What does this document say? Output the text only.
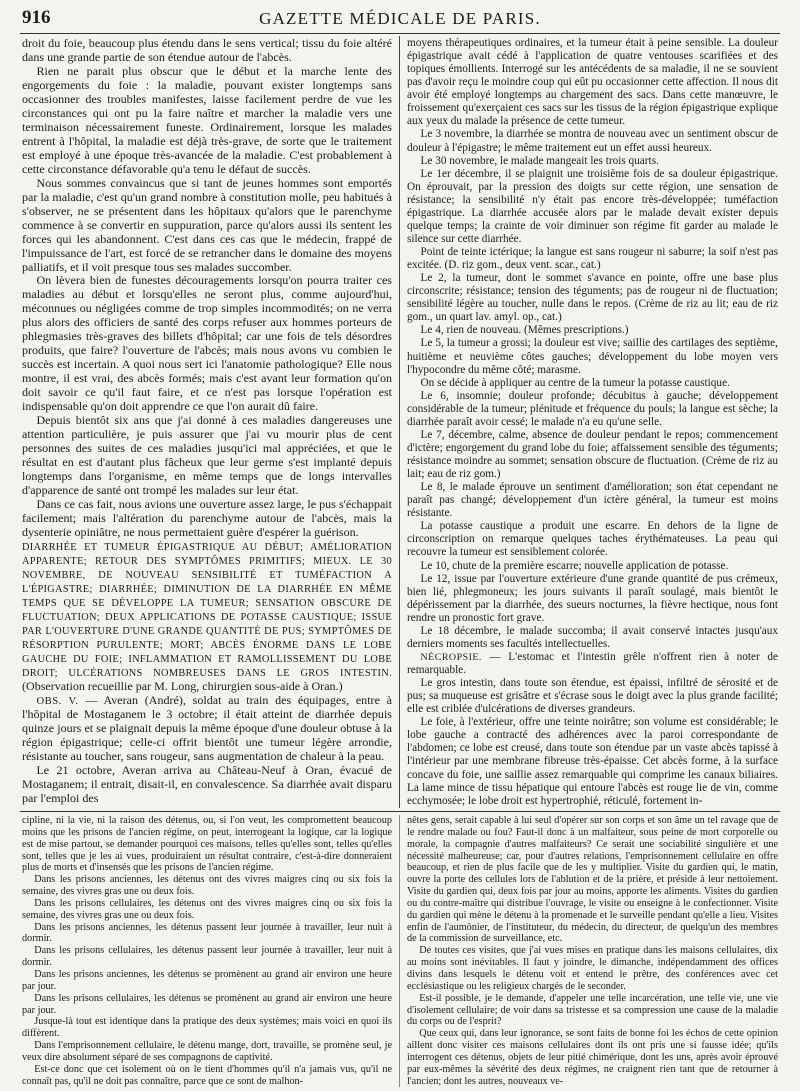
916	GAZETTE MÉDICALE DE PARIS.

droit du foie, beaucoup plus étendu dans le sens vertical; tissu du foie altéré dans une grande partie de son étendue autour de l'abcès.

Rien ne parait plus obscur que le début et la marche lente des engorgements du foie : la maladie, pouvant exister longtemps sans occasionner des troubles manifestes, laisse facilement perdre de vue les circonstances qui ont pu la faire naître et marcher la maladie vers une terminaison nécessairement funeste. Ordinairement, lorsque les malades entrent à l'hôpital, la maladie est déjà très-grave, de sorte que le traitement est employé à une époque très-avancée de la maladie. C'est probablement à cette circonstance défavorable qu'a tenu le défaut de succès.

Nous sommes convaincus que si tant de jeunes hommes sont emportés par la maladie, c'est qu'un grand nombre à constitution molle, peu habitués à s'observer, ne se présentent dans les hôpitaux qu'alors que le parenchyme commence à se convertir en suppuration, parce qu'alors aussi ils sentent les forces qui les abandonnent. C'est dans ces cas que le médecin, frappé de l'impuissance de l'art, est forcé de se retrancher dans le domaine des moyens palliatifs, et il voit presque tous ses malades succomber.

On lèvera bien de funestes découragements lorsqu'on pourra traiter ces maladies au début et lorsqu'elles ne seront plus, comme aujourd'hui, méconnues ou négligées comme de trop simples incommodités; on ne verra plus alors des officiers de santé des corps refuser aux hommes porteurs de phlegmasies très-graves des billets d'hôpital; car une fois de tels désordres produits, que faire? l'ouverture de l'abcès; mais nous avons vu combien le succès est incertain. A quoi nous sert ici l'anatomie pathologique? Elle nous montre, il est vrai, des abcès formés; mais c'est avant leur formation qu'on doit savoir ce qu'il faut faire, et ce n'est pas lorsque l'opération est indispensable qu'on doit apprendre ce que l'on aurait dû faire.

Depuis bientôt six ans que j'ai donné à ces maladies dangereuses une attention particulière, je puis assurer que j'ai vu mourir plus de cent personnes des suites de ces maladies jusqu'ici mal appréciées, et que le résultat en est d'autant plus fâcheux que leur germe s'est implanté depuis longtemps dans l'organisme, en même temps que de longs intervalles d'apparence de santé ont trompé les malades sur leur état.

Dans ce cas fait, nous avions une ouverture assez large, le pus s'échappait facilement; mais l'altération du parenchyme autour de l'abcès, mais la dysenterie opiniâtre, ne nous permettaient guère d'espérer la guérison.

DIARRHÉE ET TUMEUR ÉPIGASTRIQUE AU DÉBUT; AMÉLIORATION APPARENTE; RETOUR DES SYMPTÔMES PRIMITIFS; MIEUX. LE 30 NOVEMBRE, DE NOUVEAU SENSIBILITÉ ET TUMÉFACTION A L'ÉPIGASTRE; DIARRHÉE; DIMINUTION DE LA DIARRHÉE EN MÊME TEMPS QUE SE DÉVELOPPE LA TUMEUR; SENSATION OBSCURE DE FLUCTUATION; DEUX APPLICATIONS DE POTASSE CAUSTIQUE; ISSUE PAR L'OUVERTURE D'UNE GRANDE QUANTITÉ DE PUS; SYMPTÔMES DE RÉSORPTION PURULENTE; MORT; ABCÈS ÉNORME DANS LE LOBE GAUCHE DU FOIE; INFLAMMATION ET RAMOLLISSEMENT DU LOBE DROIT; ULCÉRATIONS NOMBREUSES DANS LE GROS INTESTIN. (Observation recueillie par M. Long, chirurgien sous-aide à Oran.)

OBS. V. — Averan (André), soldat au train des équipages, entre à l'hôpital de Mostaganem le 3 octobre; il était atteint de diarrhée depuis quinze jours et se plaignait depuis la même époque d'une douleur obtuse à la région épigastrique; celle-ci offrit bientôt une tumeur légère arrondie, résistante au toucher, sans rougeur, sans augmentation de chaleur à la peau.

Le 21 octobre, Averan arriva au Château-Neuf à Oran, évacué de Mostaganem; il entrait, disait-il, en convalescence. Sa diarrhée avait disparu par l'emploi des

moyens thérapeutiques ordinaires, et la tumeur était à peine sensible. La douleur épigastrique avait cédé à l'application de quatre ventouses scarifiées et des topiques émollients. Interrogé sur les antécédents de sa maladie, il ne se souvient pas d'avoir reçu le moindre coup qui eût pu occasionner cette affection. Il nous dit avoir été employé longtemps au chargement des sacs. Dans cette manœuvre, le froissement qu'exerçaient ces sacs sur les tissus de la région épigastrique explique aux yeux du malade la présence de cette tumeur.

Le 3 novembre, la diarrhée se montra de nouveau avec un sentiment obscur de douleur à l'épigastre; le même traitement eut un effet aussi heureux.

Le 30 novembre, le malade mangeait les trois quarts.

Le 1er décembre, il se plaignit une troisième fois de sa douleur épigastrique. On éprouvait, par la pression des doigts sur cette région, une sensation de résistance; la sensibilité n'y était pas encore très-développée; tuméfaction épigastrique. La diarrhée accusée alors par le malade devait exister depuis quelque temps; la crainte de voir diminuer son régime fit garder au malade le silence sur cette diarrhée.

Point de teinte ictérique; la langue est sans rougeur ni saburre; la soif n'est pas excitée. (D. riz gom., deux vent. scar., cat.)

Le 2, la tumeur, dont le sommet s'avance en pointe, offre une base plus circonscrite; résistance; tension des téguments; pas de rougeur ni de fluctuation; sensibilité légère au toucher, nulle dans le repos. (Crème de riz au lit; eau de riz gom., un quart lav. amyl. op., cat.)

Le 4, rien de nouveau. (Mêmes prescriptions.)

Le 5, la tumeur a grossi; la douleur est vive; saillie des cartilages des septième, huitième et neuvième côtes gauches; développement du lobe moyen vers l'hypocondre du même côté; marasme.

On se décide à appliquer au centre de la tumeur la potasse caustique.

Le 6, insomnie; douleur profonde; décubitus à gauche; développement considérable de la tumeur; plénitude et fréquence du pouls; la langue est sèche; la diarrhée paraît avoir cessé; le malade n'a eu qu'une selle.

Le 7, décembre, calme, absence de douleur pendant le repos; commencement d'ictère; engorgement du grand lobe du foie; affaissement sensible des téguments; résistance moindre au sommet; sensation obscure de fluctuation. (Crème de riz au lait; eau de riz gom.)

Le 8, le malade éprouve un sentiment d'amélioration; son état cependant ne paraît pas changé; développement d'un ictère général, la tumeur est moins résistante.

La potasse caustique a produit une escarre. En dehors de la ligne de circonscription on remarque quelques taches érythémateuses. La peau qui recouvre la tumeur est sensiblement colorée.

Le 10, chute de la première escarre; nouvelle application de potasse.

Le 12, issue par l'ouverture extérieure d'une grande quantité de pus crémeux, bien lié, phlegmoneux; les jours suivants il paraît soulagé, mais bientôt le dépérissement par la diarrhée, des sueurs nocturnes, la fièvre hectique, nous font rendre un pronostic fort grave.

Le 18 décembre, le malade succomba; il avait conservé intactes jusqu'aux derniers moments ses facultés intellectuelles.

NÉCROPSIE. — L'estomac et l'intestin grêle n'offrent rien à noter de remarquable.

Le gros intestin, dans toute son étendue, est épaissi, infiltré de sérosité et de pus; sa muqueuse est grisâtre et s'écrase sous le doigt avec la plus grande facilité; elle est criblée d'ulcérations de diverses grandeurs.

Le foie, à l'extérieur, offre une teinte noirâtre; son volume est considérable; le lobe gauche a contracté des adhérences avec la paroi correspondante de l'abdomen; ce lobe est creusé, dans toute son étendue par un vaste abcès tapissé à l'intérieur par une membrane fibreuse très-épaisse. Cet abcès forme, à la surface concave du foie, une saillie assez remarquable qui comprime les canaux biliaires. La lame mince de tissu hépatique qui entoure l'abcès est rouge lie de vin, comme ecchymosée; le lobe droit est hypertrophié, réticulé, fortement in-

cipline, ni la vie, ni la raison des détenus, ou, si l'on veut, les compromettent beaucoup moins que les prisons de l'ancien régime, on peut, interrogeant la logique, car la logique est de mise partout, se demander pourquoi ces maisons, telles qu'elles sont, telles qu'elles sont, telles que je les ai vues, produiraient un résultat contraire, c'est-à-dire donneraient plus de morts et d'insensés que les prisons de l'ancien régime.

Dans les prisons anciennes, les détenus ont des vivres maigres cinq ou six fois la semaine, des vivres gras une ou deux fois.

Dans les prisons cellulaires, les détenus ont des vivres maigres cinq ou six fois la semaine, des vivres gras une ou deux fois.

Dans les prisons anciennes, les détenus passent leur journée à travailler, leur nuit à dormir.

Dans les prisons cellulaires, les détenus passent leur journée à travailler, leur nuit à dormir.

Dans les prisons anciennes, les détenus se promènent au grand air environ une heure par jour.

Dans les prisons cellulaires, les détenus se promènent au grand air environ une heure par jour.

Jusque-là tout est identique dans la pratique des deux systèmes; mais voici en quoi ils diffèrent.

Dans l'emprisonnement cellulaire, le détenu mange, dort, travaille, se promène seul, je veux dire absolument séparé de ses compagnons de captivité.

Est-ce donc que cet isolement où on le tient d'hommes qu'il n'a jamais vus, qu'il ne connaît pas, qu'il ne doit pas connaître, parce que ce sont de malhon-

nêtes gens, serait capable à lui seul d'opérer sur son corps et son âme un tel ravage que de le rendre malade ou fou? Faut-il donc à un malfaiteur, sous peine de mort corporelle ou morale, la compagnie d'autres malfaiteurs? Ce serait une sociabilité singulière et une nécessité malheureuse; car, pour d'autres relations, l'emprisonnement cellulaire en offre beaucoup, et rien de plus facile que de les y multiplier. Visite du gardien qui, le matin, ouvre la porte des cellules lors de l'ablution et de la prière, et préside à leur nettoiement. Visite du gardien qui, deux fois par jour au moins, apporte les aliments. Visites du gardien ou du contre-maître qui distribue l'ouvrage, le visite ou enseigne à le confectionner. Visite du gardien qui mène le détenu à la promenade et le surveille pendant qu'elle a lieu. Visites enfin de l'aumônier, de l'instituteur, du médecin, du directeur, de quelqu'un des membres de la commission de surveillance, etc.

De toutes ces visites, que j'ai vues mises en pratique dans les maisons cellulaires, dix au moins sont inévitables. Il faut y joindre, le dimanche, indépendamment des offices divins dans lesquels le détenu voit et entend le prêtre, des conférences avec cet ecclésiastique ou les religieux chargés de le seconder.

Est-il possible, je le demande, d'appeler une telle incarcération, une telle vie, une vie d'isolement cellulaire; de voir dans sa tristesse et sa compression une cause de la maladie du corps ou de l'esprit?

Que ceux qui, dans leur ignorance, se sont faits de bonne foi les échos de cette opinion aillent donc visiter ces maisons cellulaires dont ils ont pris une si fausse idée; qu'ils interrogent ces détenus, objets de leur pitié chimérique, dont les uns, après avoir éprouvé par eux-mêmes la sévérité des deux régimes, ne craignent rien tant que de retourner à l'ancien; dont les autres, nouveaux ve-
